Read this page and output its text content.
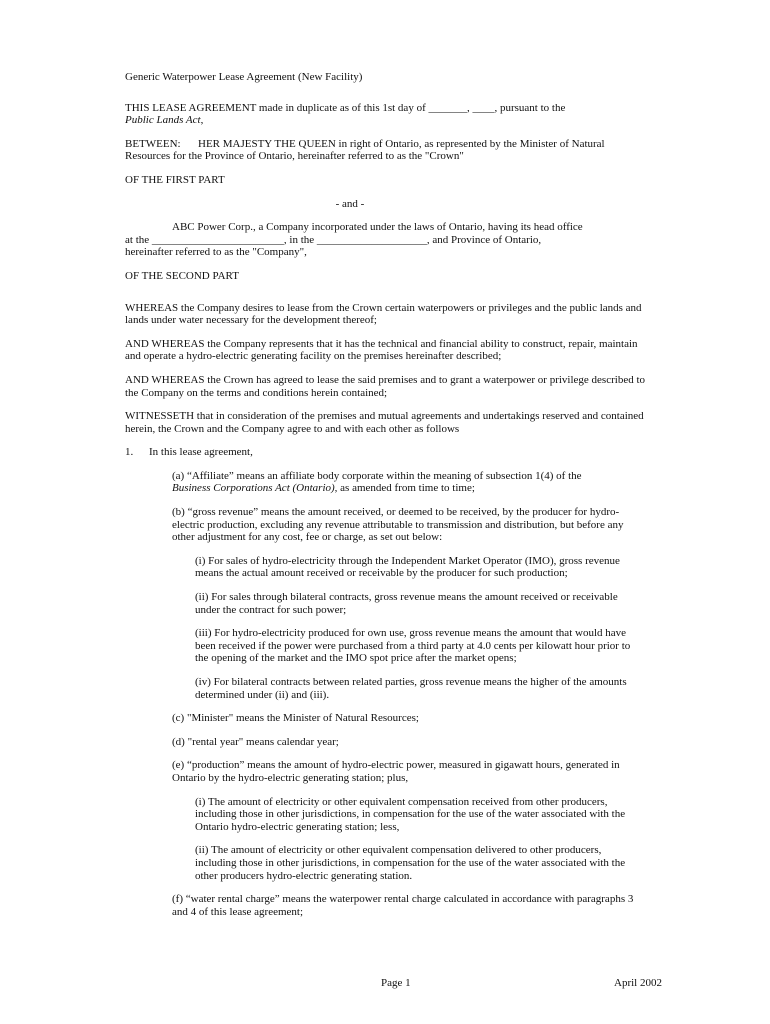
Generic Waterpower Lease Agreement (New Facility)

THIS LEASE AGREEMENT made in duplicate as of this 1st day of _______, ____, pursuant to the
Public Lands Act,

BETWEEN: HER MAJESTY THE QUEEN in right of Ontario, as represented by the Minister of Natural Resources for the Province of Ontario, hereinafter referred to as the "Crown"

OF THE FIRST PART

- and -

ABC Power Corp., a Company incorporated under the laws of Ontario, having its head office
at the ________________________, in the ____________________, and Province of Ontario,
hereinafter referred to as the "Company",

OF THE SECOND PART

WHEREAS the Company desires to lease from the Crown certain waterpowers or privileges and the public lands and lands under water necessary for the development thereof;

AND WHEREAS the Company represents that it has the technical and financial ability to construct, repair, maintain and operate a hydro-electric generating facility on the premises hereinafter described;

AND WHEREAS the Crown has agreed to lease the said premises and to grant a waterpower or privilege described to the Company on the terms and conditions herein contained;

WITNESSETH that in consideration of the premises and mutual agreements and undertakings reserved and contained herein, the Crown and the Company agree to and with each other as follows

1. In this lease agreement,

(a) “Affiliate” means an affiliate body corporate within the meaning of subsection 1(4) of the
Business Corporations Act (Ontario), as amended from time to time;

(b) “gross revenue” means the amount received, or deemed to be received, by the producer for hydro-electric production, excluding any revenue attributable to transmission and distribution, but before any other adjustment for any cost, fee or charge, as set out below:

(i) For sales of hydro-electricity through the Independent Market Operator (IMO), gross revenue means the actual amount received or receivable by the producer for such production;

(ii) For sales through bilateral contracts, gross revenue means the amount received or receivable under the contract for such power;

(iii) For hydro-electricity produced for own use, gross revenue means the amount that would have been received if the power were purchased from a third party at 4.0 cents per kilowatt hour prior to the opening of the market and the IMO spot price after the market opens;

(iv) For bilateral contracts between related parties, gross revenue means the higher of the amounts determined under (ii) and (iii).

(c) "Minister" means the Minister of Natural Resources;

(d) "rental year" means calendar year;

(e) “production” means the amount of hydro-electric power, measured in gigawatt hours, generated in Ontario by the hydro-electric generating station; plus,

(i) The amount of electricity or other equivalent compensation received from other producers, including those in other jurisdictions, in compensation for the use of the water associated with the Ontario hydro-electric generating station; less,

(ii) The amount of electricity or other equivalent compensation delivered to other producers, including those in other jurisdictions, in compensation for the use of the water associated with the other producers hydro-electric generating station.

(f) “water rental charge” means the waterpower rental charge calculated in accordance with paragraphs 3 and 4 of this lease agreement;

Page 1	April 2002
